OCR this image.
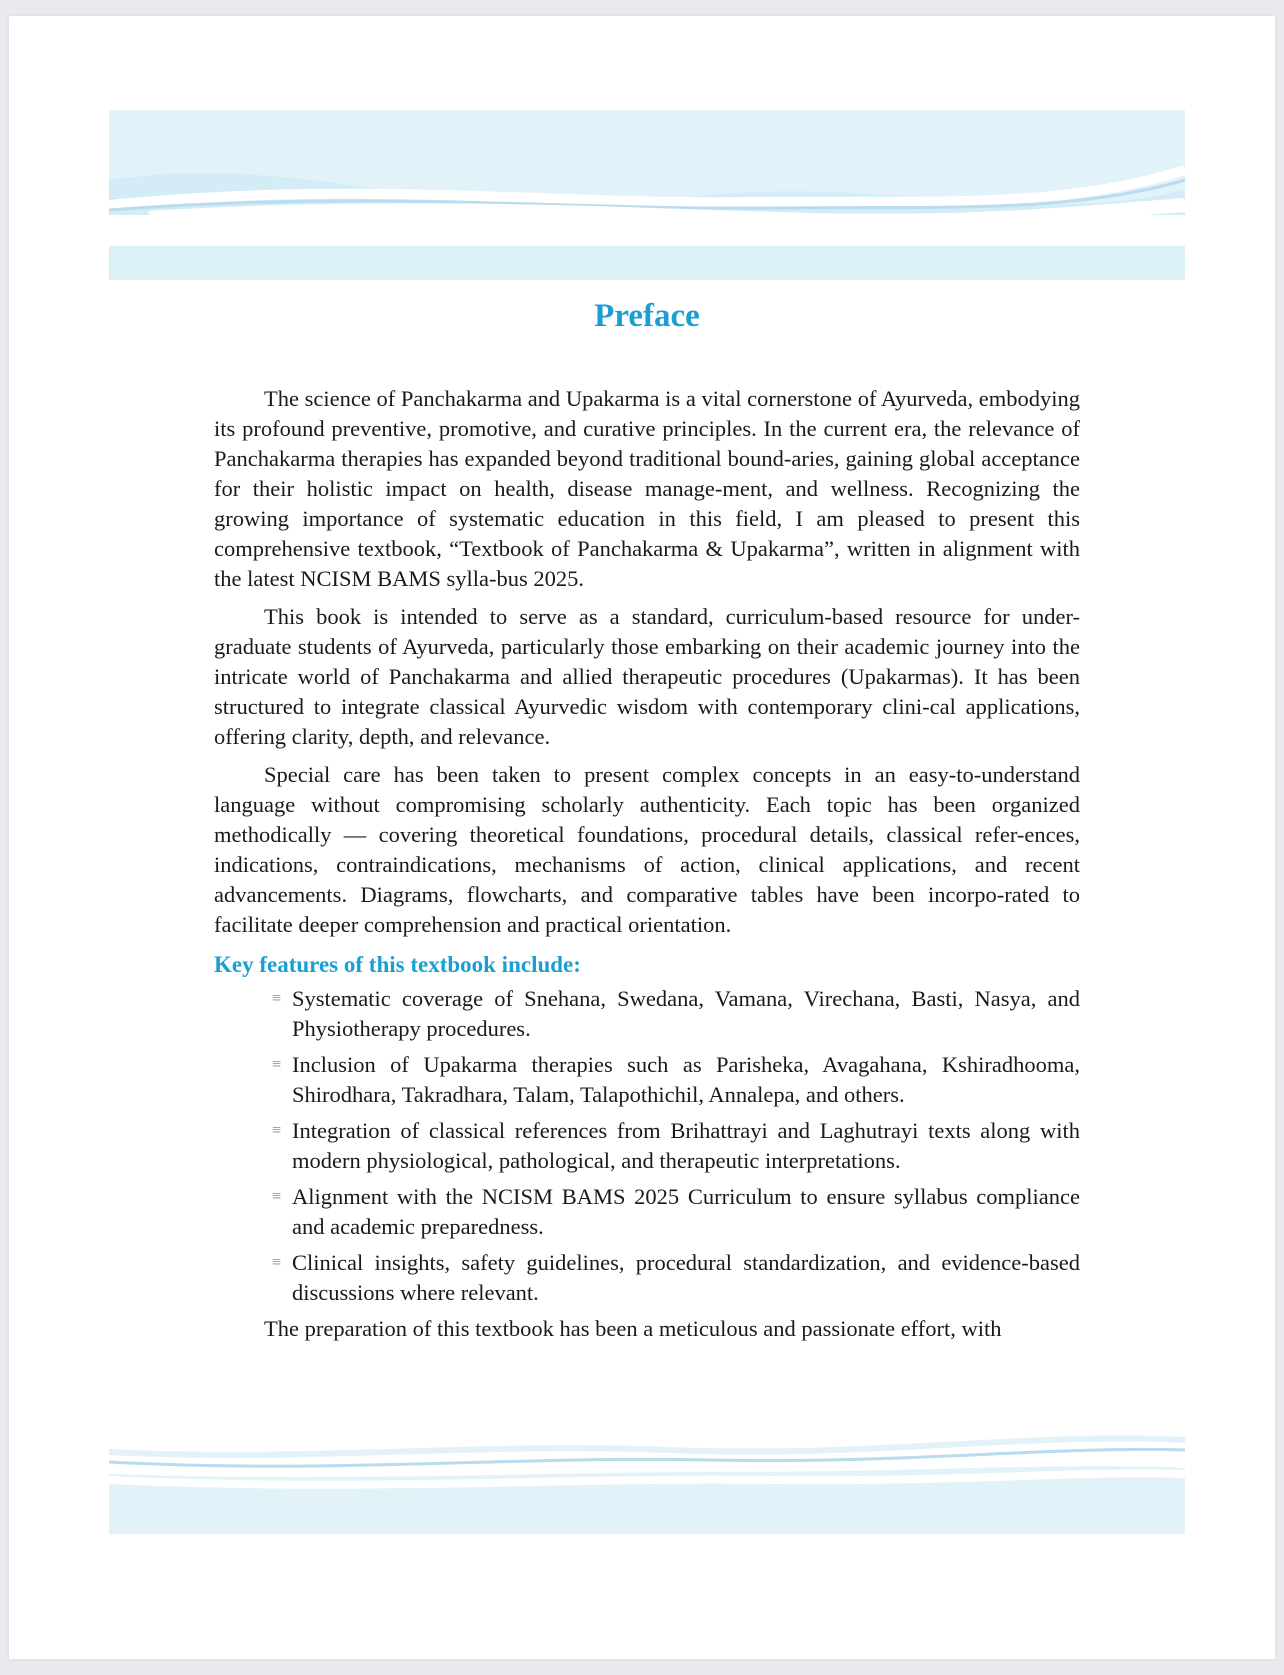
Preface

The science of Panchakarma and Upakarma is a vital cornerstone of Ayurveda, embodying its profound preventive, promotive, and curative principles. In the current era, the relevance of Panchakarma therapies has expanded beyond traditional bound-aries, gaining global acceptance for their holistic impact on health, disease manage-ment, and wellness. Recognizing the growing importance of systematic education in this field, I am pleased to present this comprehensive textbook, “Textbook of Panchakarma & Upakarma”, written in alignment with the latest NCISM BAMS sylla-bus 2025.

This book is intended to serve as a standard, curriculum-based resource for under-graduate students of Ayurveda, particularly those embarking on their academic journey into the intricate world of Panchakarma and allied therapeutic procedures (Upakarmas). It has been structured to integrate classical Ayurvedic wisdom with contemporary clini-cal applications, offering clarity, depth, and relevance.

Special care has been taken to present complex concepts in an easy-to-understand language without compromising scholarly authenticity. Each topic has been organized methodically — covering theoretical foundations, procedural details, classical refer-ences, indications, contraindications, mechanisms of action, clinical applications, and recent advancements. Diagrams, flowcharts, and comparative tables have been incorpo-rated to facilitate deeper comprehension and practical orientation.

Key features of this textbook include:
≡ Systematic coverage of Snehana, Swedana, Vamana, Virechana, Basti, Nasya, and Physiotherapy procedures.
≡ Inclusion of Upakarma therapies such as Parisheka, Avagahana, Kshiradhooma, Shirodhara, Takradhara, Talam, Talapothichil, Annalepa, and others.
≡ Integration of classical references from Brihattrayi and Laghutrayi texts along with modern physiological, pathological, and therapeutic interpretations.
≡ Alignment with the NCISM BAMS 2025 Curriculum to ensure syllabus compliance and academic preparedness.
≡ Clinical insights, safety guidelines, procedural standardization, and evidence-based discussions where relevant.

The preparation of this textbook has been a meticulous and passionate effort, with
